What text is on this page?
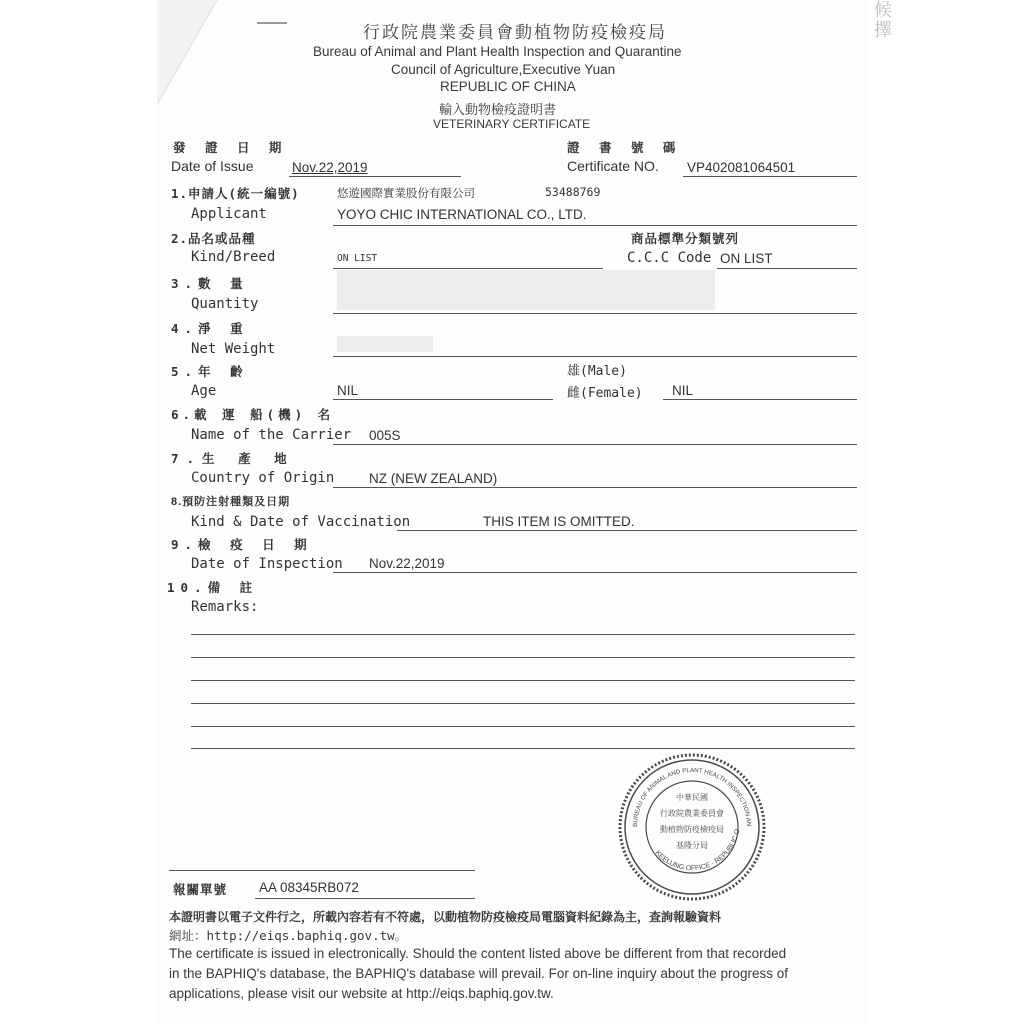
候
擇
行政院農業委員會動植物防疫檢疫局
Bureau of Animal and Plant Health Inspection and Quarantine
Council of Agriculture,Executive Yuan
REPUBLIC OF CHINA
輸入動物檢疫證明書
VETERINARY CERTIFICATE
發 證 日 期
Date of Issue	Nov.22,2019
證 書 號 碼
Certificate NO. VP402081064501
1.申請人(統一編號)
Applicant
悠遊國際實業股份有限公司	53488769
YOYO CHIC INTERNATIONAL CO., LTD.
2.品名或品種
Kind/Breed	ON LIST
商品標準分類號列
C.C.C Code ON LIST
3.數 量
Quantity
4.淨 重
Net Weight
5.年 齡
Age	NIL
雄(Male)
雌(Female) NIL
6.載 運 船(機) 名
Name of the Carrier 005S
7.生 產 地
Country of Origin	NZ (NEW ZEALAND)
8.預防注射種類及日期
Kind & Date of Vaccination	THIS ITEM IS OMITTED.
9.檢 疫 日 期
Date of Inspection Nov.22,2019
10.備 註
Remarks:
BUREAU OF ANIMAL AND PLANT HEALTH INSPECTION AN
KEELUNG OFFICE · REPUBLIC O
中華民國
行政院農業委員會
動植物防疫檢疫局
基隆分局
報關單號 AA 08345RB072
本證明書以電子文件行之，所載內容若有不符處，以動植物防疫檢疫局電腦資料紀錄為主，查詢報驗資料
網址：http://eiqs.baphiq.gov.tw。
The certificate is issued in electronically. Should the content listed above be different from that recorded
in the BAPHIQ's database, the BAPHIQ's database will prevail. For on-line inquiry about the progress of
applications, please visit our website at http://eiqs.baphiq.gov.tw.
